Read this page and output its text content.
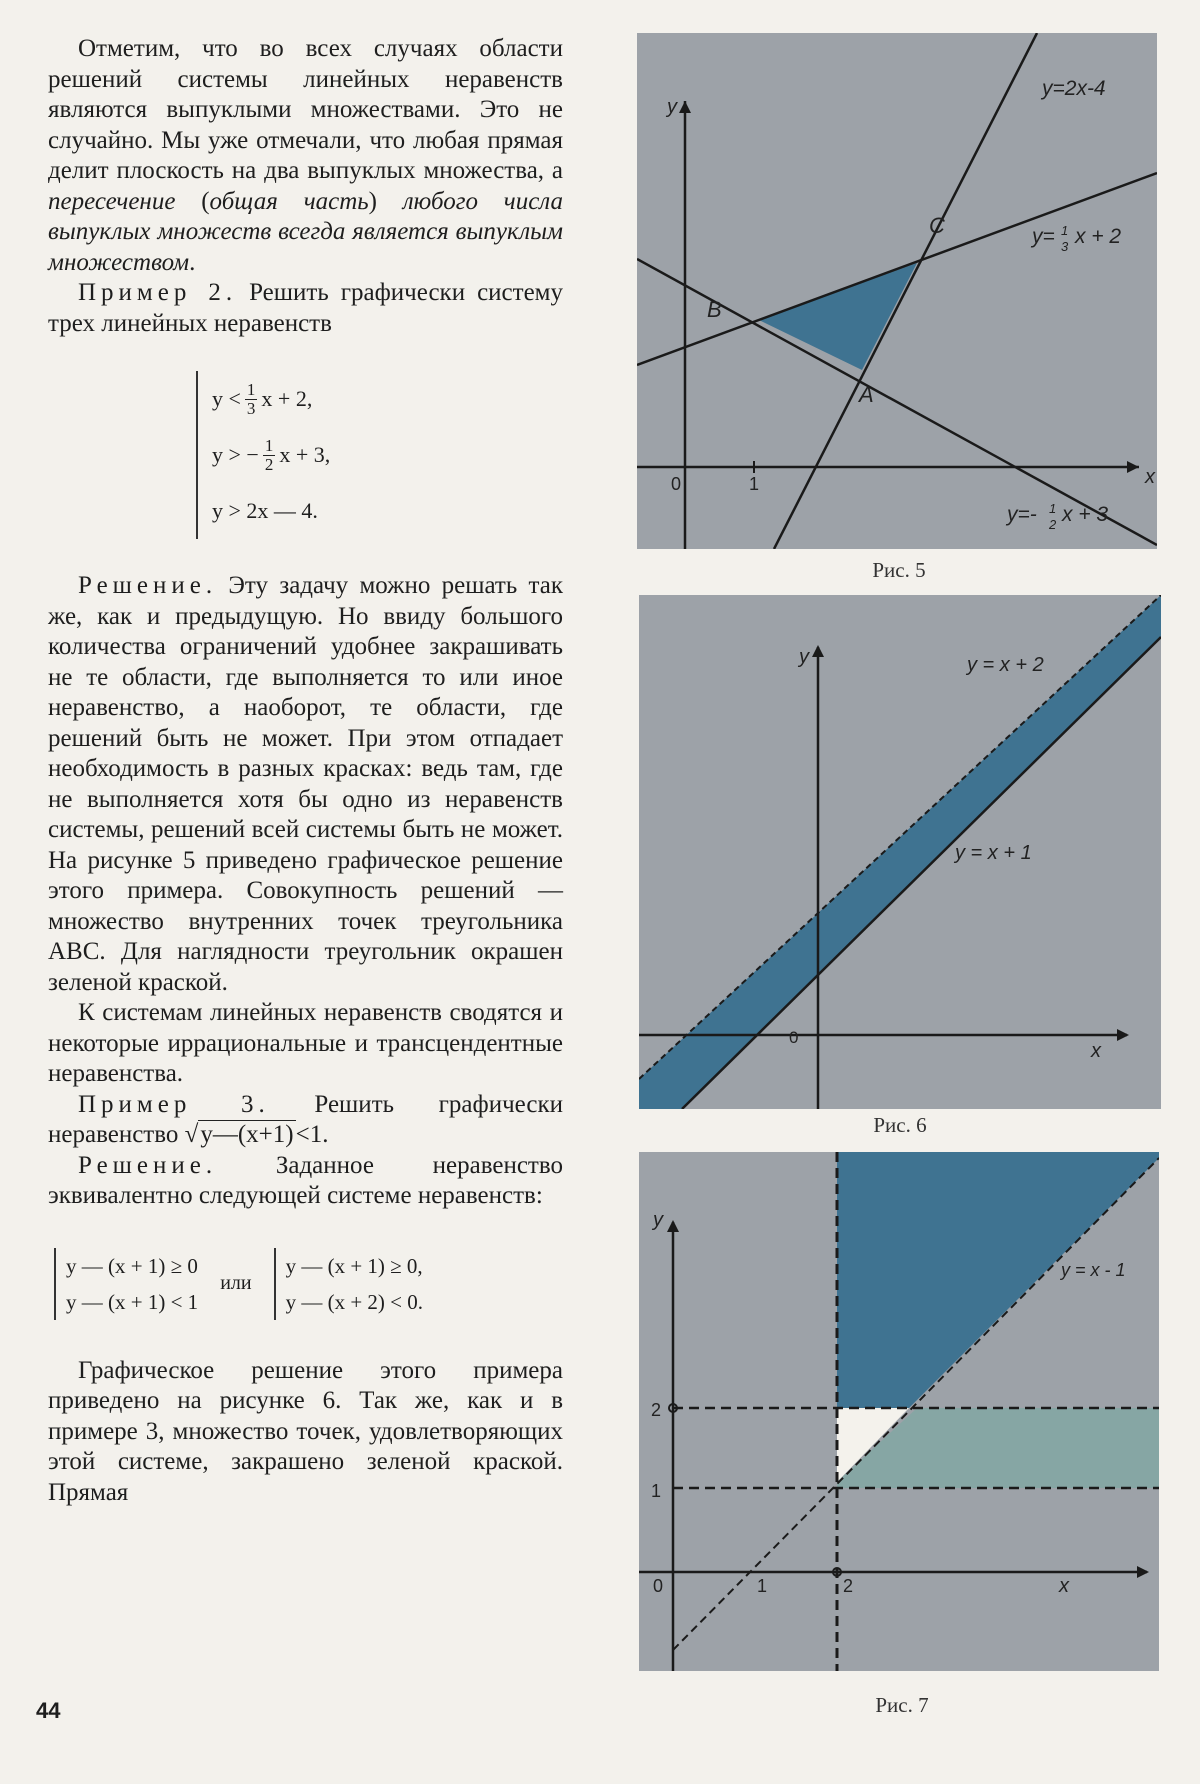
Отметим, что во всех случаях области решений системы линейных неравенств являются выпуклыми множествами. Это не случайно. Мы уже отмечали, что любая прямая делит плоскость на два выпуклых множества, а пересечение (общая часть) любого числа выпуклых множеств всегда является выпуклым множеством.

Пример 2. Решить графически систему трех линейных неравенств

$y < \frac{1}{3}$ x + 2,
y > − $\frac{1}{2}$ x + 3,
y > 2x — 4.

Решение. Эту задачу можно решать так же, как и предыдущую. Но ввиду большого количества ограничений удобнее закрашивать не те области, где выполняется то или иное неравенство, а наоборот, те области, где решений быть не может. При этом отпадает необходимость в разных красках: ведь там, где не выполняется хотя бы одно из неравенств системы, решений всей системы быть не может. На рисунке 5 приведено графическое решение этого примера. Совокупность решений — множество внутренних точек треугольника ABC. Для наглядности треугольник окрашен зеленой краской.

К системам линейных неравенств сводятся и некоторые иррациональные и трансцендентные неравенства.

Пример 3. Решить графически неравенство √y—(x+1)<1.

Решение. Заданное неравенство эквивалентно следующей системе неравенств:

y — (x + 1) ≥ 0
y — (x + 1) < 1
или
y — (x + 1) ≥ 0,
y — (x + 2) < 0.

Графическое решение этого примера приведено на рисунке 6. Так же, как и в примере 3, множество точек, удовлетворяющих этой системе, закрашено зеленой краской. Прямая

y=2x-4
y= 1
3 x + 2
y=- 1
2 x + 3
B
C
A
y
x
0	1
Рис. 5
y = x + 2
y = x + 1
y
x
0
Рис. 6
y = x - 1
y
x
0	1	2
1
2
Рис. 7
44
